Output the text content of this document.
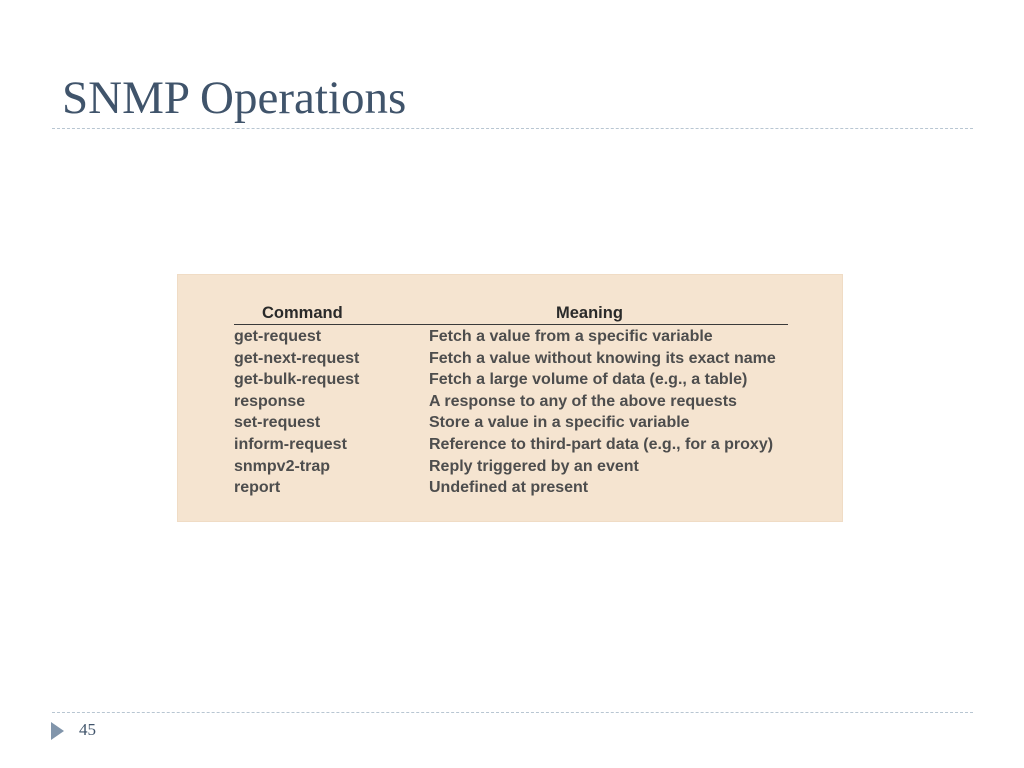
SNMP Operations
Command	Meaning
get-request	Fetch a value from a specific variable
get-next-request	Fetch a value without knowing its exact name
get-bulk-request	Fetch a large volume of data (e.g., a table)
response	A response to any of the above requests
set-request	Store a value in a specific variable
inform-request	Reference to third-part data (e.g., for a proxy)
snmpv2-trap	Reply triggered by an event
report	Undefined at present
45
